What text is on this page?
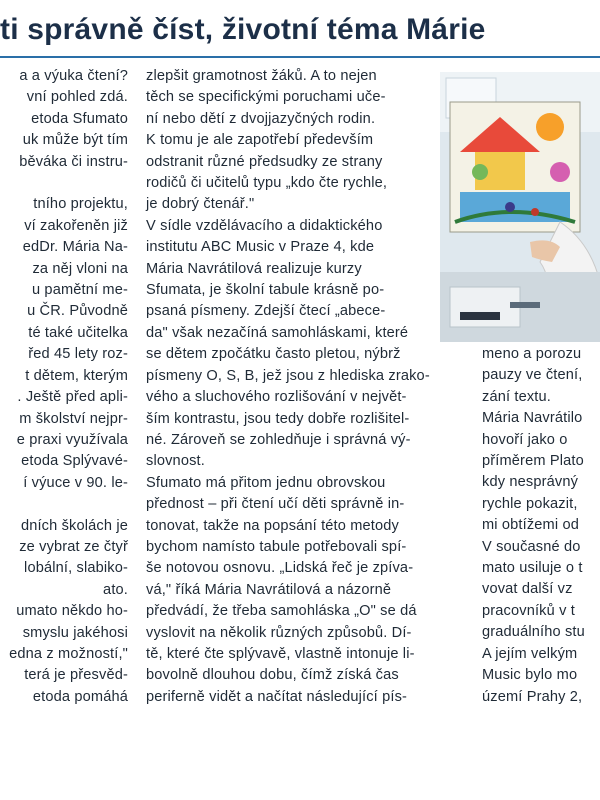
ti správně číst, životní téma Márie
a a výuka čtení?
vní pohled zdá.
etoda Sfumato
uk může být tím
běváka či instru-

tního projektu,
ví zakořeněn již
edDr. Mária Na-
za něj vloni na
u pamětní me-
u ČR. Původně
té také učitelka
řed 45 lety roz-
t dětem, kterým
. Ještě před apli-
m školství nejpr-
e praxi využívala
etoda Splývavé-
í výuce v 90. le-

dních školách je
ze vybrat ze čtyř
lobální, slabiko-
ato.
umato někdo ho-
smyslu jakéhosi
edna z možností,"
terá je přesvěd-
etoda pomáhá
zlepšit gramotnost žáků. A to nejen
těch se specifickými poruchami uče-
ní nebo dětí z dvojjazyčných rodin.
K tomu je ale zapotřebí především
odstranit různé předsudky ze strany
rodičů či učitelů typu „kdo čte rychle,
je dobrý čtenář."
V sídle vzdělávacího a didaktického
institutu ABC Music v Praze 4, kde
Mária Navrátilová realizuje kurzy
Sfumata, je školní tabule krásně po-
psaná písmeny. Zdejší čtecí „abece-
da" však nezačíná samohláskami, které
se dětem zpočátku často pletou, nýbrž
písmeny O, S, B, jež jsou z hlediska zrako-
vého a sluchového rozlišování v největ-
ším kontrastu, jsou tedy dobře rozlišitel-
né. Zároveň se zohledňuje i správná vý-
slovnost.
Sfumato má přitom jednu obrovskou
přednost – při čtení učí děti správně in-
tonovat, takže na popsání této metody
bychom namísto tabule potřebovali spí-
še notovou osnovu. „Lidská řeč je zpíva-
vá," říká Mária Navrátilová a názorně
předvádí, že třeba samohláska „O" se dá
vyslovit na několik různých způsobů. Dí-
tě, které čte splývavě, vlastně intonuje li-
bovolně dlouhou dobu, čímž získá čas
periferně vidět a načítat následující pís-
meno a porozu
pauzy ve čtení,
zání textu.
Mária Navrátilo
hovoří jako o
příměrem Plato
kdy nesprávný
rychle pokazit,
mi obtížemi od
V současné do
mato usiluje o t
vovat další vz
pracovníků v t
graduálního stu
A jejím velkým
Music bylo mo
území Prahy 2,
